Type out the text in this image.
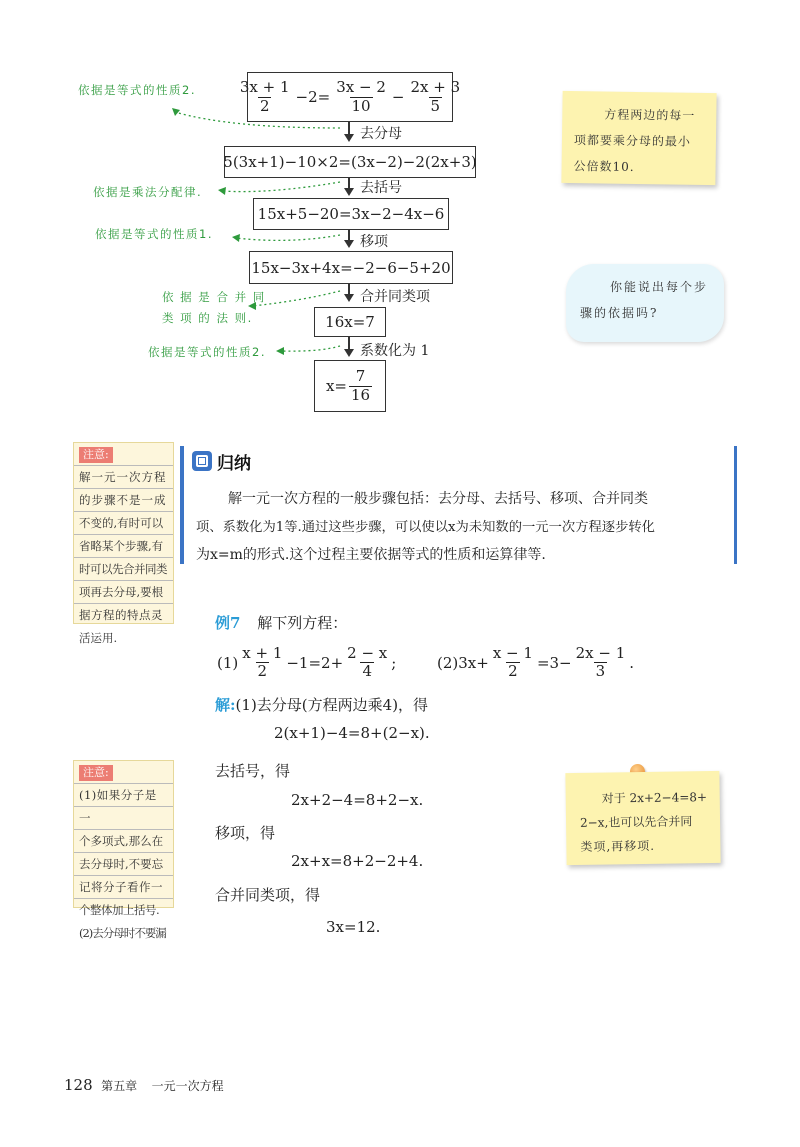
$\frac{3x + 1}{2} -2= \frac{3x - 2}{10} - \frac{2x + 3}{5}$
去分母
5(3x+1)−10×2=(3x−2)−2(2x+3)
去括号
15x+5−20=3x−2−4x−6
移项
15x−3x+4x=−2−6−5+20
合并同类项
16x=7
系数化为 1
$x= \frac{7}{16}$
依据是等式的性质2.
依据是乘法分配律.
依据是等式的性质1.
依 据 是 合 并 同
类 项 的 法 则.
依据是等式的性质2.
方程两边的每一
项都要乘分母的最小
公倍数10.
你能说出每个步
骤的依据吗?
注意:
解一元一次方程
的步骤不是一成
不变的,有时可以
省略某个步骤,有
时可以先合并同类
项再去分母,要根
据方程的特点灵
活运用.
归纳
解一元一次方程的一般步骤包括：去分母、去括号、移项、合并同类
项、系数化为1等.通过这些步骤，可以使以x为未知数的一元一次方程逐步转化
为x=m的形式.这个过程主要依据等式的性质和运算律等.
例7 解下列方程：
$(1) \frac{x + 1}{2} -1=2+ \frac{2 - x}{4}$ ;	$(2)3x+ \frac{x - 1}{2} =3- \frac{2x - 1}{3}$ .
解:(1)去分母(方程两边乘4)，得
2(x+1)−4=8+(2−x).
去括号，得
2x+2−4=8+2−x.
移项，得
2x+x=8+2−2+4.
合并同类项，得
3x=12.
注意:
(1)如果分子是一
个多项式,那么在
去分母时,不要忘
记将分子看作一
个整体加上括号.
(2)去分母时不要漏
对于 2x+2−4=8+
2−x,也可以先合并同
类项,再移项.
128 第五章 一元一次方程
